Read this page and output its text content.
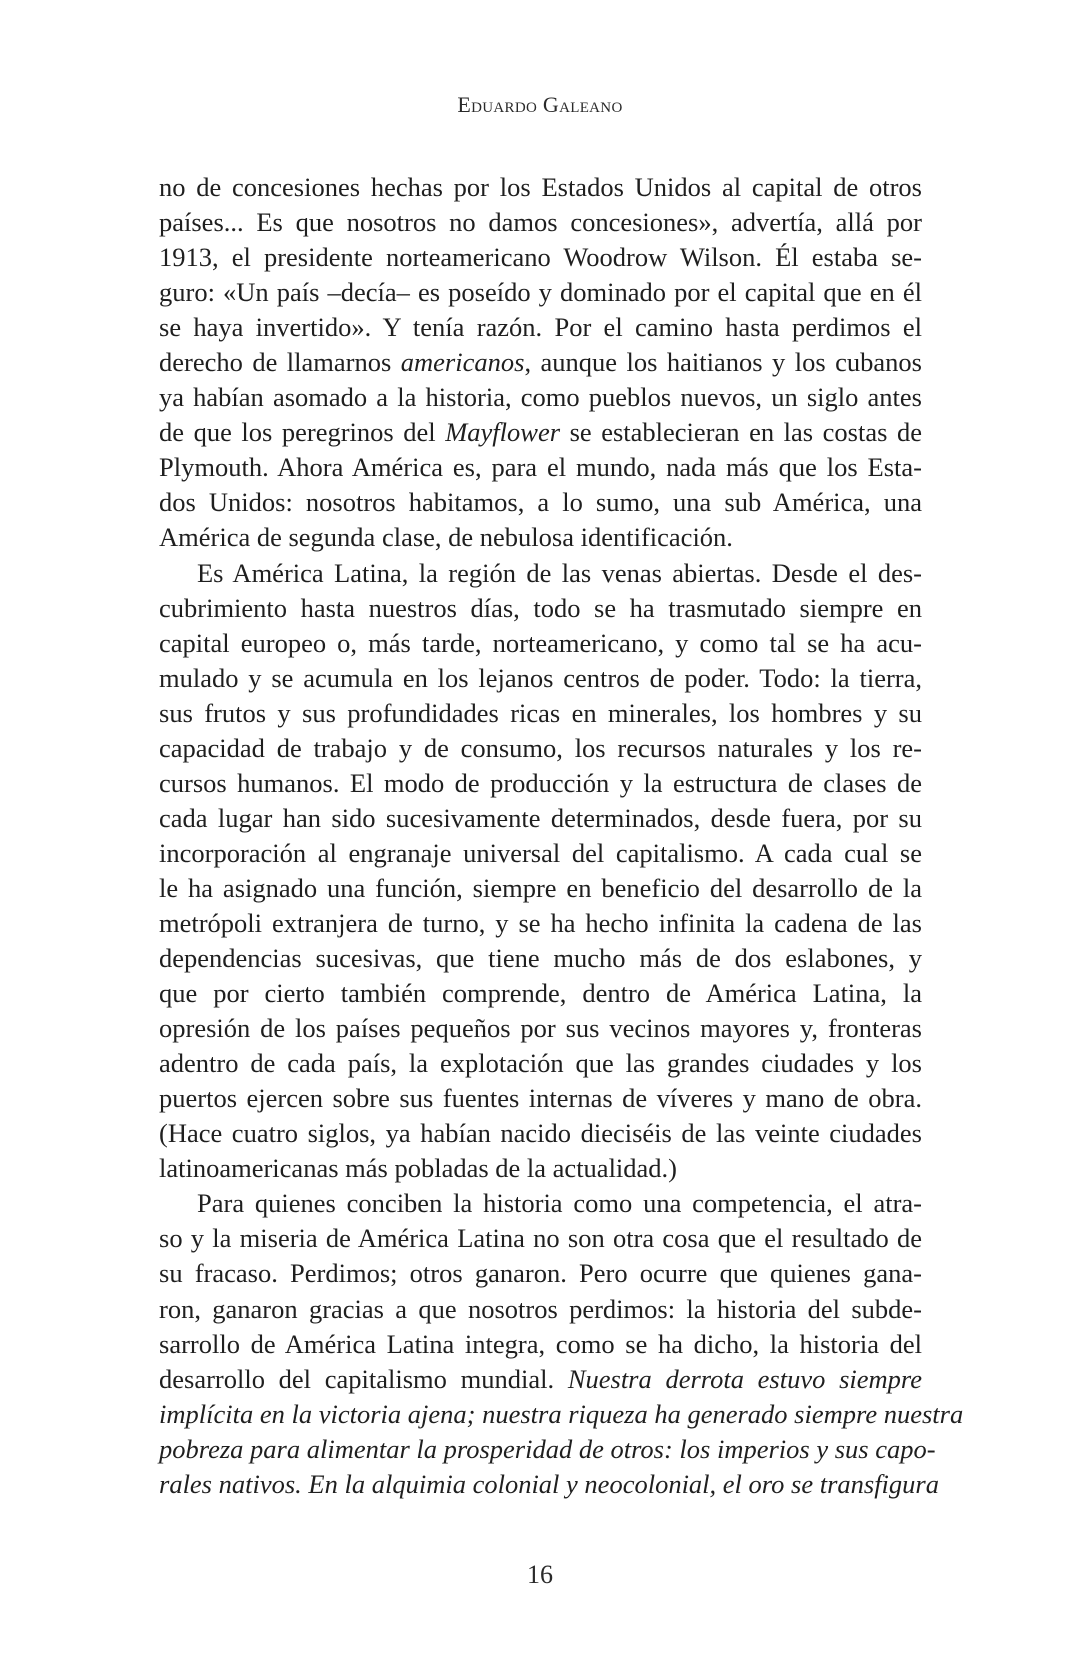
Eduardo Galeano
no de concesiones hechas por los Estados Unidos al capital de otros
países... Es que nosotros no damos concesiones», advertía, allá por
1913, el presidente norteamericano Woodrow Wilson. Él estaba se-
guro: «Un país –decía– es poseído y dominado por el capital que en él
se haya invertido». Y tenía razón. Por el camino hasta perdimos el
derecho de llamarnos americanos, aunque los haitianos y los cubanos
ya habían asomado a la historia, como pueblos nuevos, un siglo antes
de que los peregrinos del Mayflower se establecieran en las costas de
Plymouth. Ahora América es, para el mundo, nada más que los Esta-
dos Unidos: nosotros habitamos, a lo sumo, una sub América, una
América de segunda clase, de nebulosa identificación.
Es América Latina, la región de las venas abiertas. Desde el des-
cubrimiento hasta nuestros días, todo se ha trasmutado siempre en
capital europeo o, más tarde, norteamericano, y como tal se ha acu-
mulado y se acumula en los lejanos centros de poder. Todo: la tierra,
sus frutos y sus profundidades ricas en minerales, los hombres y su
capacidad de trabajo y de consumo, los recursos naturales y los re-
cursos humanos. El modo de producción y la estructura de clases de
cada lugar han sido sucesivamente determinados, desde fuera, por su
incorporación al engranaje universal del capitalismo. A cada cual se
le ha asignado una función, siempre en beneficio del desarrollo de la
metrópoli extranjera de turno, y se ha hecho infinita la cadena de las
dependencias sucesivas, que tiene mucho más de dos eslabones, y
que por cierto también comprende, dentro de América Latina, la
opresión de los países pequeños por sus vecinos mayores y, fronteras
adentro de cada país, la explotación que las grandes ciudades y los
puertos ejercen sobre sus fuentes internas de víveres y mano de obra.
(Hace cuatro siglos, ya habían nacido dieciséis de las veinte ciudades
latinoamericanas más pobladas de la actualidad.)
Para quienes conciben la historia como una competencia, el atra-
so y la miseria de América Latina no son otra cosa que el resultado de
su fracaso. Perdimos; otros ganaron. Pero ocurre que quienes gana-
ron, ganaron gracias a que nosotros perdimos: la historia del subde-
sarrollo de América Latina integra, como se ha dicho, la historia del
desarrollo del capitalismo mundial. Nuestra derrota estuvo siempre
implícita en la victoria ajena; nuestra riqueza ha generado siempre nuestra
pobreza para alimentar la prosperidad de otros: los imperios y sus capo-
rales nativos. En la alquimia colonial y neocolonial, el oro se transfigura
16
